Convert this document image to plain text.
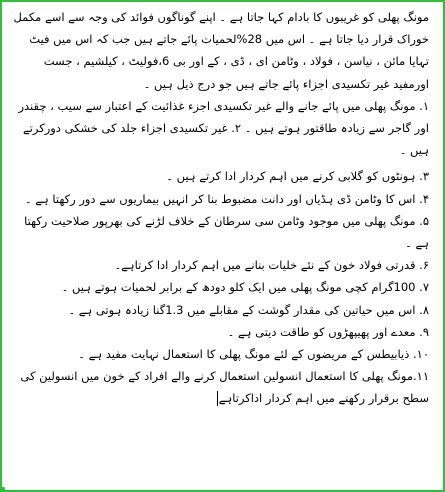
مونگ پھلی کو غریبوں کا بادام کہا جاتا ہے ۔ اپنے گوناگوں فوائد کی وجہ سے اسے مکمل خوراک قرار دیا جاتا ہے ۔ اس میں 28%لحمیات پائے جاتے ہیں جب کہ اس میں فیٹ تہایا مائن ، نیاسن ، فولاد ، وٹامن ای ، ڈی ، کے اور بی 6،فولیٹ ، کیلشیم ، جست اورمفید غیر تکسیدی اجزاء پائے جاتے ہیں جو درج ذیل ہیں ۔

۱. مونگ پھلی میں پائے جانے والے غیر تکسیدی اجزء غذائیت کے اعتبار سے سیب ، چقندر اور گاجر سے زیادہ طاقتور ہوتے ہیں ۔ ۲. غیر تکسیدی اجزاء جلد کی خشکی دورکرتے ہیں ۔

۳. ہونٹوں کو گلابی کرنے میں اہم کردار ادا کرتے ہیں ۔

۴. اس کا وٹامن ڈی ہڈیاں اور دانت مضبوط بنا کر انہیں بیماریوں سے دور رکھتا ہے ۔

۵. مونگ پھلی میں موجود وٹامن سی سرطان کے خلاف لڑنے کی بھرپور صلاحیت رکھتا ہے ۔

۶. قدرتی فولاد خون کے نئے خلیات بنانے میں اہم کردار ادا کرتاہے۔

۷. 100گرام کچی مونگ پھلی میں ایک کلو دودھ کے برابر لحمیات ہوتے ہیں ۔

۸. اس میں حیاتین کی مقدار گوشت کے مقابلے میں 1.3گنا زیادہ ہوتی ہے ۔

۹. معدے اور پھیپھڑوں کو طاقت دیتی ہے ۔

۱۰. ذیابیطس کے مریضوں کے لئے مونگ پھلی کا استعمال نہایت مفید ہے ۔

۱۱.مونگ پھلی کا استعمال انسولین استعمال کرنے والے افراد کے خون میں انسولین کی سطح برقرار رکھنے میں اہم کردار اداکرتاہے
